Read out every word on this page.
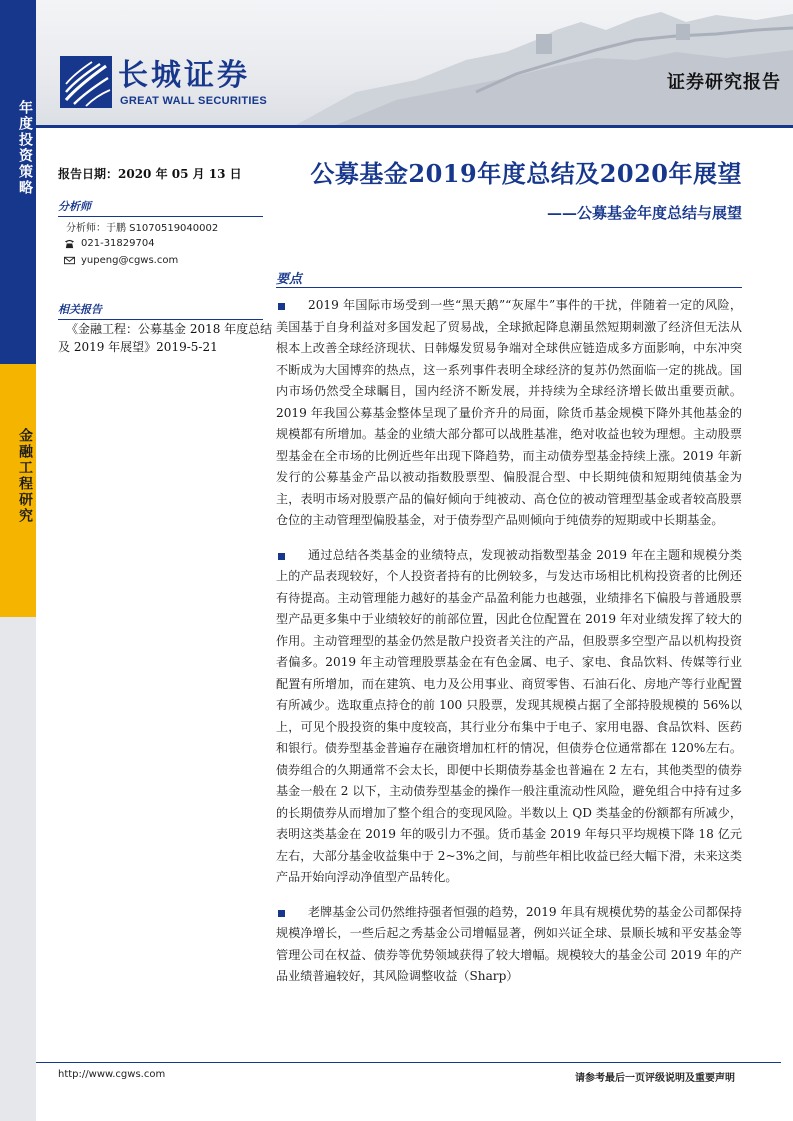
年度投资策略
金融工程研究
长城证券
GREAT WALL SECURITIES
证券研究报告
报告日期：2020 年 05 月 13 日
分析师
分析师：于鹏 S1070519040002
021-31829704
yupeng@cgws.com
相关报告
《金融工程：公募基金 2018 年度总结及 2019 年展望》2019-5-21
公募基金2019年度总结及2020年展望
——公募基金年度总结与展望
要点
2019 年国际市场受到一些“黑天鹅”“灰犀牛”事件的干扰，伴随着一定的风险，美国基于自身利益对多国发起了贸易战，全球掀起降息潮虽然短期刺激了经济但无法从根本上改善全球经济现状、日韩爆发贸易争端对全球供应链造成多方面影响，中东冲突不断成为大国博弈的热点，这一系列事件表明全球经济的复苏仍然面临一定的挑战。国内市场仍然受全球瞩目，国内经济不断发展，并持续为全球经济增长做出重要贡献。2019 年我国公募基金整体呈现了量价齐升的局面，除货币基金规模下降外其他基金的规模都有所增加。基金的业绩大部分都可以战胜基准，绝对收益也较为理想。主动股票型基金在全市场的比例近些年出现下降趋势，而主动债券型基金持续上涨。2019 年新发行的公募基金产品以被动指数股票型、偏股混合型、中长期纯债和短期纯债基金为主，表明市场对股票产品的偏好倾向于纯被动、高仓位的被动管理型基金或者较高股票仓位的主动管理型偏股基金，对于债券型产品则倾向于纯债券的短期或中长期基金。
通过总结各类基金的业绩特点，发现被动指数型基金 2019 年在主题和规模分类上的产品表现较好，个人投资者持有的比例较多，与发达市场相比机构投资者的比例还有待提高。主动管理能力越好的基金产品盈利能力也越强，业绩排名下偏股与普通股票型产品更多集中于业绩较好的前部位置，因此仓位配置在 2019 年对业绩发挥了较大的作用。主动管理型的基金仍然是散户投资者关注的产品，但股票多空型产品以机构投资者偏多。2019 年主动管理股票基金在有色金属、电子、家电、食品饮料、传媒等行业配置有所增加，而在建筑、电力及公用事业、商贸零售、石油石化、房地产等行业配置有所减少。选取重点持仓的前 100 只股票，发现其规模占据了全部持股规模的 56%以上，可见个股投资的集中度较高，其行业分布集中于电子、家用电器、食品饮料、医药和银行。债券型基金普遍存在融资增加杠杆的情况，但债券仓位通常都在 120%左右。债券组合的久期通常不会太长，即便中长期债券基金也普遍在 2 左右，其他类型的债券基金一般在 2 以下，主动债券型基金的操作一般注重流动性风险，避免组合中持有过多的长期债券从而增加了整个组合的变现风险。半数以上 QD 类基金的份额都有所减少，表明这类基金在 2019 年的吸引力不强。货币基金 2019 年每只平均规模下降 18 亿元左右，大部分基金收益集中于 2~3%之间，与前些年相比收益已经大幅下滑，未来这类产品开始向浮动净值型产品转化。
老牌基金公司仍然维持强者恒强的趋势，2019 年具有规模优势的基金公司都保持规模净增长，一些后起之秀基金公司增幅显著，例如兴证全球、景顺长城和平安基金等管理公司在权益、债券等优势领域获得了较大增幅。规模较大的基金公司 2019 年的产品业绩普遍较好，其风险调整收益（Sharp）
http://www.cgws.com	请参考最后一页评级说明及重要声明
